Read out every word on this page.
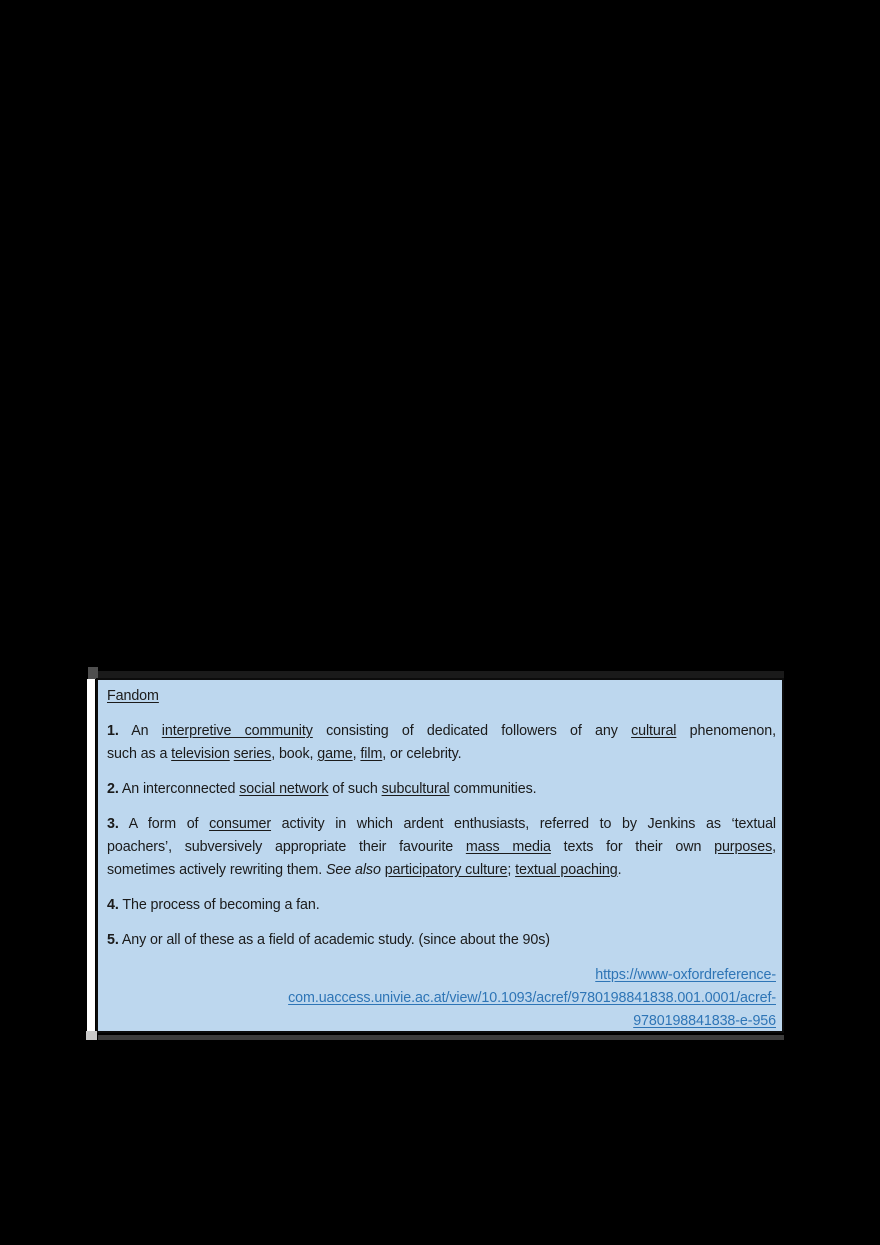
Fandom
1. An interpretive community consisting of dedicated followers of any cultural phenomenon,
such as a television series, book, game, film, or celebrity.
2. An interconnected social network of such subcultural communities.
3. A form of consumer activity in which ardent enthusiasts, referred to by Jenkins as ‘textual
poachers’, subversively appropriate their favourite mass media texts for their own purposes,
sometimes actively rewriting them. See also participatory culture; textual poaching.
4. The process of becoming a fan.
5. Any or all of these as a field of academic study. (since about the 90s)
https://www-oxfordreference-
com.uaccess.univie.ac.at/view/10.1093/acref/9780198841838.001.0001/acref-
9780198841838-e-956
